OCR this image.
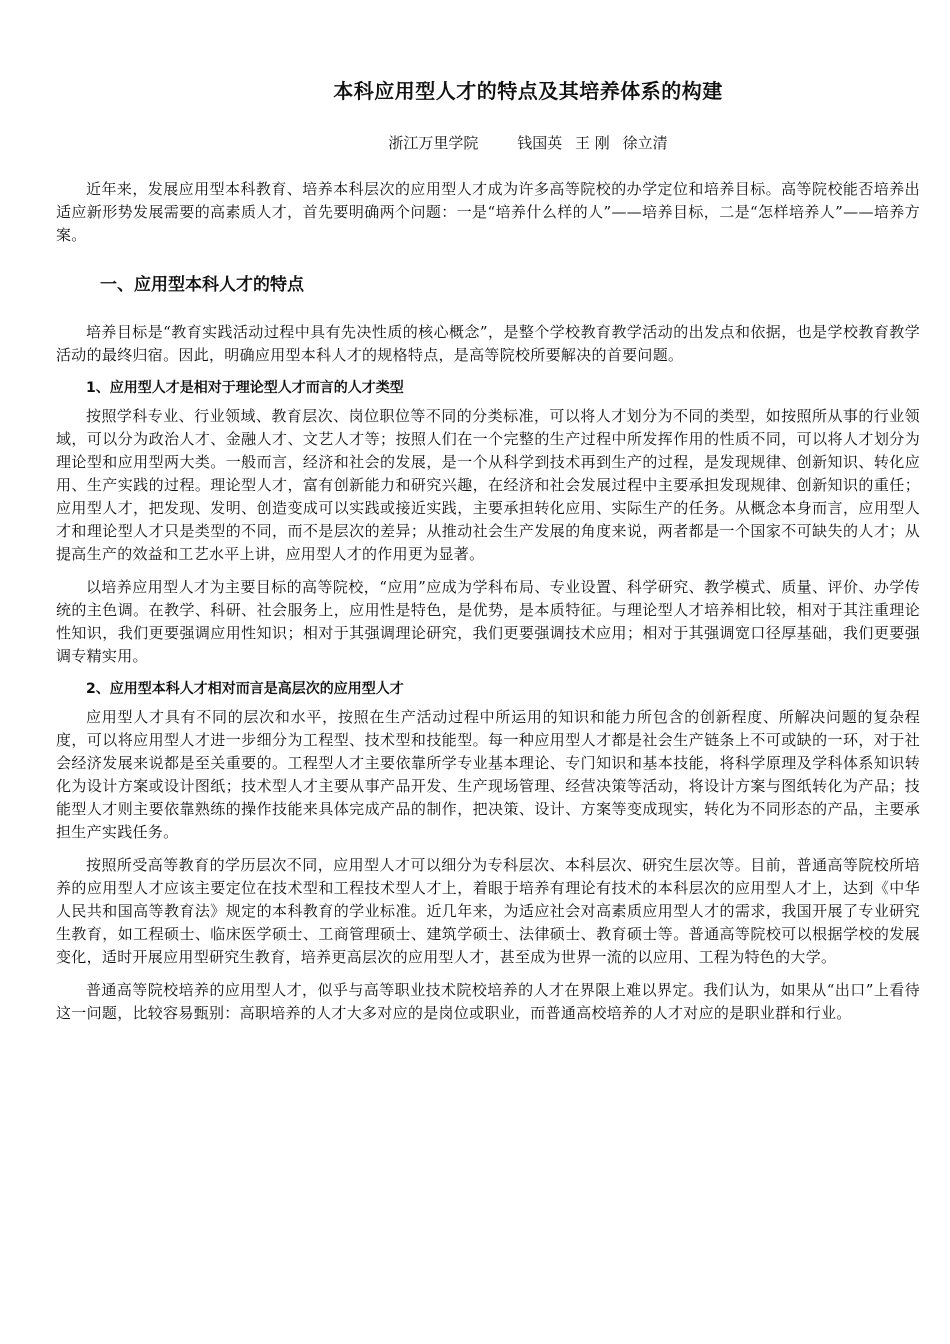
本科应用型人才的特点及其培养体系的构建
浙江万里学院	钱国英 王 刚 徐立清

近年来，发展应用型本科教育、培养本科层次的应用型人才成为许多高等院校的办学定位和培养目标。高等院校能否培养出适应新形势发展需要的高素质人才，首先要明确两个问题：一是“培养什么样的人”——培养目标，二是“怎样培养人”——培养方案。

一、应用型本科人才的特点

培养目标是“教育实践活动过程中具有先决性质的核心概念”，是整个学校教育教学活动的出发点和依据，也是学校教育教学活动的最终归宿。因此，明确应用型本科人才的规格特点，是高等院校所要解决的首要问题。

1、应用型人才是相对于理论型人才而言的人才类型

按照学科专业、行业领域、教育层次、岗位职位等不同的分类标准，可以将人才划分为不同的类型，如按照所从事的行业领域，可以分为政治人才、金融人才、文艺人才等；按照人们在一个完整的生产过程中所发挥作用的性质不同，可以将人才划分为理论型和应用型两大类。一般而言，经济和社会的发展，是一个从科学到技术再到生产的过程，是发现规律、创新知识、转化应用、生产实践的过程。理论型人才，富有创新能力和研究兴趣，在经济和社会发展过程中主要承担发现规律、创新知识的重任；应用型人才，把发现、发明、创造变成可以实践或接近实践，主要承担转化应用、实际生产的任务。从概念本身而言，应用型人才和理论型人才只是类型的不同，而不是层次的差异；从推动社会生产发展的角度来说，两者都是一个国家不可缺失的人才；从提高生产的效益和工艺水平上讲，应用型人才的作用更为显著。

以培养应用型人才为主要目标的高等院校，“应用”应成为学科布局、专业设置、科学研究、教学模式、质量、评价、办学传统的主色调。在教学、科研、社会服务上，应用性是特色，是优势，是本质特征。与理论型人才培养相比较，相对于其注重理论性知识，我们更要强调应用性知识；相对于其强调理论研究，我们更要强调技术应用；相对于其强调宽口径厚基础，我们更要强调专精实用。

2、应用型本科人才相对而言是高层次的应用型人才

应用型人才具有不同的层次和水平，按照在生产活动过程中所运用的知识和能力所包含的创新程度、所解决问题的复杂程度，可以将应用型人才进一步细分为工程型、技术型和技能型。每一种应用型人才都是社会生产链条上不可或缺的一环，对于社会经济发展来说都是至关重要的。工程型人才主要依靠所学专业基本理论、专门知识和基本技能，将科学原理及学科体系知识转化为设计方案或设计图纸；技术型人才主要从事产品开发、生产现场管理、经营决策等活动，将设计方案与图纸转化为产品；技能型人才则主要依靠熟练的操作技能来具体完成产品的制作，把决策、设计、方案等变成现实，转化为不同形态的产品，主要承担生产实践任务。

按照所受高等教育的学历层次不同，应用型人才可以细分为专科层次、本科层次、研究生层次等。目前，普通高等院校所培养的应用型人才应该主要定位在技术型和工程技术型人才上，着眼于培养有理论有技术的本科层次的应用型人才上，达到《中华人民共和国高等教育法》规定的本科教育的学业标准。近几年来，为适应社会对高素质应用型人才的需求，我国开展了专业研究生教育，如工程硕士、临床医学硕士、工商管理硕士、建筑学硕士、法律硕士、教育硕士等。普通高等院校可以根据学校的发展变化，适时开展应用型研究生教育，培养更高层次的应用型人才，甚至成为世界一流的以应用、工程为特色的大学。

普通高等院校培养的应用型人才，似乎与高等职业技术院校培养的人才在界限上难以界定。我们认为，如果从“出口”上看待这一问题，比较容易甄别：高职培养的人才大多对应的是岗位或职业，而普通高校培养的人才对应的是职业群和行业。
